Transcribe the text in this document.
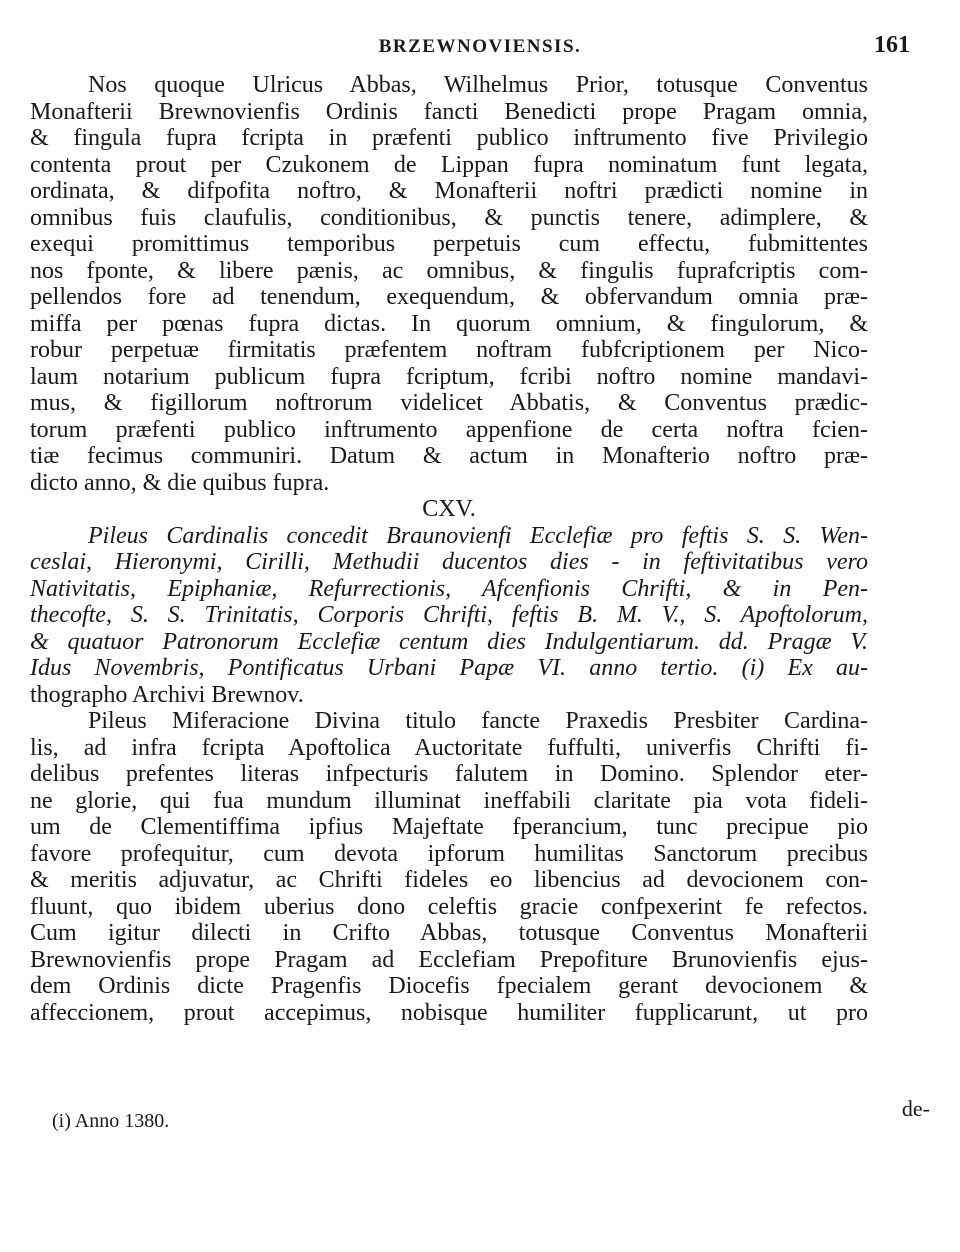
BRZEWNOVIENSIS.	161
Nos quoque Ulricus Abbas, Wilhelmus Prior, totusque Conventus
Monafterii Brewnovienfis Ordinis fancti Benedicti prope Pragam omnia,
& fingula fupra fcripta in præfenti publico inftrumento five Privilegio
contenta prout per Czukonem de Lippan fupra nominatum funt legata,
ordinata, & difpofita noftro, & Monafterii noftri prædicti nomine in
omnibus fuis claufulis, conditionibus, & punctis tenere, adimplere, &
exequi promittimus temporibus perpetuis cum effectu, fubmittentes
nos fponte, & libere pænis, ac omnibus, & fingulis fuprafcriptis com-
pellendos fore ad tenendum, exequendum, & obfervandum omnia præ-
miffa per pœnas fupra dictas. In quorum omnium, & fingulorum, &
robur perpetuæ firmitatis præfentem noftram fubfcriptionem per Nico-
laum notarium publicum fupra fcriptum, fcribi noftro nomine mandavi-
mus, & figillorum noftrorum videlicet Abbatis, & Conventus prædic-
torum præfenti publico inftrumento appenfione de certa noftra fcien-
tiæ fecimus communiri. Datum & actum in Monafterio noftro præ-
dicto anno, & die quibus fupra.
CXV.
Pileus Cardinalis concedit Braunovienfi Ecclefiæ pro feftis S. S. Wen-
ceslai, Hieronymi, Cirilli, Methudii ducentos dies - in feftivitatibus vero
Nativitatis, Epiphaniæ, Refurrectionis, Afcenfionis Chrifti, & in Pen-
thecofte, S. S. Trinitatis, Corporis Chrifti, feftis B. M. V., S. Apoftolorum,
& quatuor Patronorum Ecclefiæ centum dies Indulgentiarum. dd. Pragæ V.
Idus Novembris, Pontificatus Urbani Papæ VI. anno tertio. (i) Ex au-
thographo Archivi Brewnov.
Pileus Miferacione Divina titulo fancte Praxedis Presbiter Cardina-
lis, ad infra fcripta Apoftolica Auctoritate fuffulti, univerfis Chrifti fi-
delibus prefentes literas infpecturis falutem in Domino. Splendor eter-
ne glorie, qui fua mundum illuminat ineffabili claritate pia vota fideli-
um de Clementiffima ipfius Majeftate fperancium, tunc precipue pio
favore profequitur, cum devota ipforum humilitas Sanctorum precibus
& meritis adjuvatur, ac Chrifti fideles eo libencius ad devocionem con-
fluunt, quo ibidem uberius dono celeftis gracie confpexerint fe refectos.
Cum igitur dilecti in Crifto Abbas, totusque Conventus Monafterii
Brewnovienfis prope Pragam ad Ecclefiam Prepofiture Brunovienfis ejus-
dem Ordinis dicte Pragenfis Diocefis fpecialem gerant devocionem &
affeccionem, prout accepimus, nobisque humiliter fupplicarunt, ut pro
de-
(i) Anno 1380.
